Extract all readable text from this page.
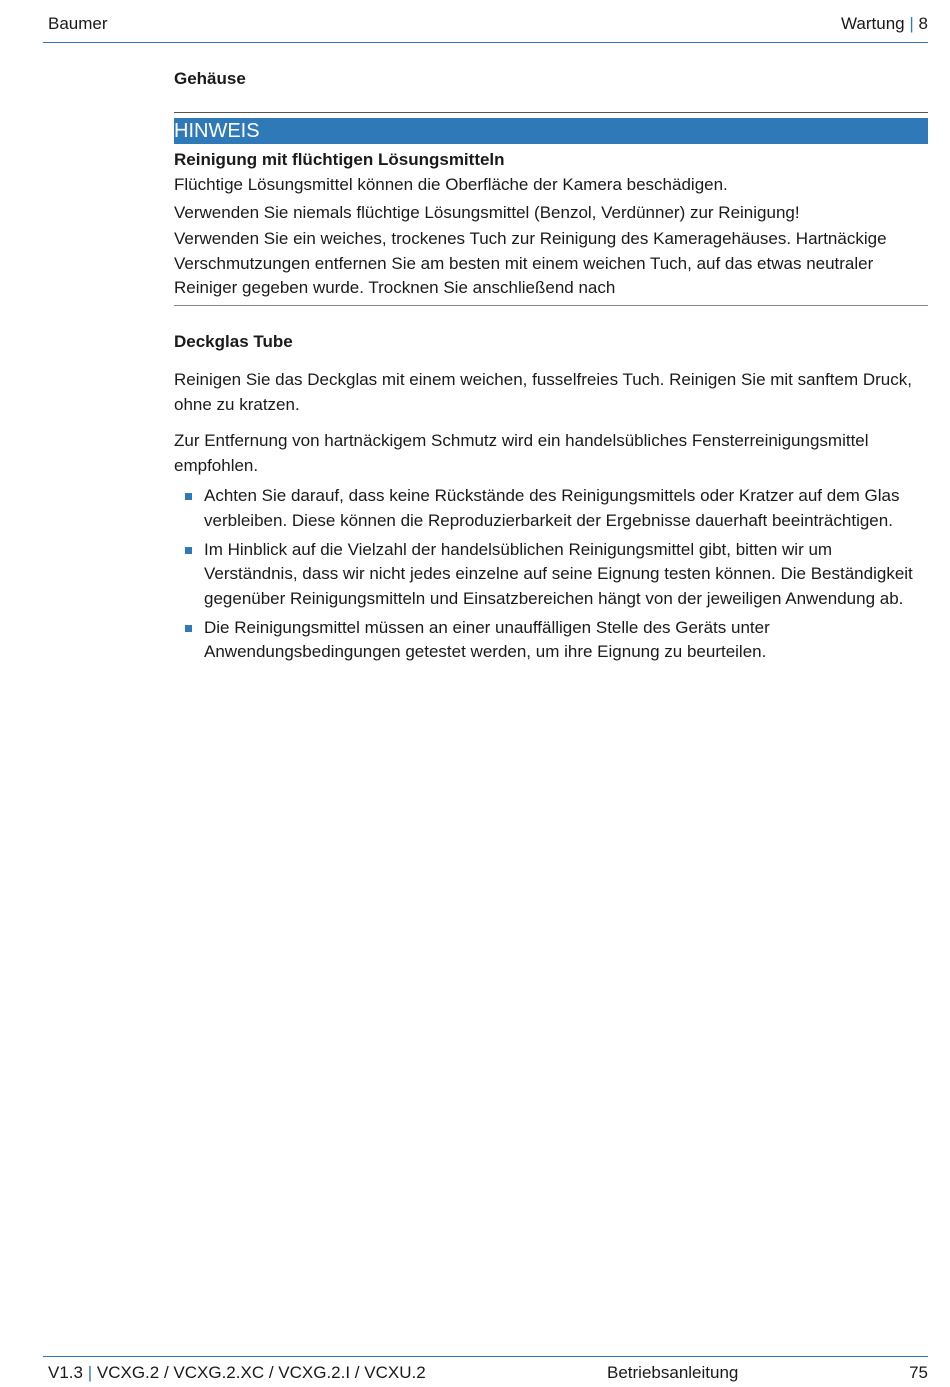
Baumer	Wartung | 8
Gehäuse
HINWEIS
Reinigung mit flüchtigen Lösungsmitteln
Flüchtige Lösungsmittel können die Oberfläche der Kamera beschädigen.
Verwenden Sie niemals flüchtige Lösungsmittel (Benzol, Verdünner) zur Reinigung!
Verwenden Sie ein weiches, trockenes Tuch zur Reinigung des Kameragehäuses. Hartnäckige Verschmutzungen entfernen Sie am besten mit einem weichen Tuch, auf das etwas neutraler Reiniger gegeben wurde. Trocknen Sie anschließend nach
Deckglas Tube
Reinigen Sie das Deckglas mit einem weichen, fusselfreies Tuch. Reinigen Sie mit sanftem Druck, ohne zu kratzen.
Zur Entfernung von hartnäckigem Schmutz wird ein handelsübliches Fensterreinigungsmittel empfohlen.
Achten Sie darauf, dass keine Rückstände des Reinigungsmittels oder Kratzer auf dem Glas verbleiben. Diese können die Reproduzierbarkeit der Ergebnisse dauerhaft beeinträchtigen.
Im Hinblick auf die Vielzahl der handelsüblichen Reinigungsmittel gibt, bitten wir um Verständnis, dass wir nicht jedes einzelne auf seine Eignung testen können. Die Beständigkeit gegenüber Reinigungsmitteln und Einsatzbereichen hängt von der jeweiligen Anwendung ab.
Die Reinigungsmittel müssen an einer unauffälligen Stelle des Geräts unter Anwendungsbedingungen getestet werden, um ihre Eignung zu beurteilen.
V1.3 | VCXG.2 / VCXG.2.XC / VCXG.2.I / VCXU.2	Betriebsanleitung	75
